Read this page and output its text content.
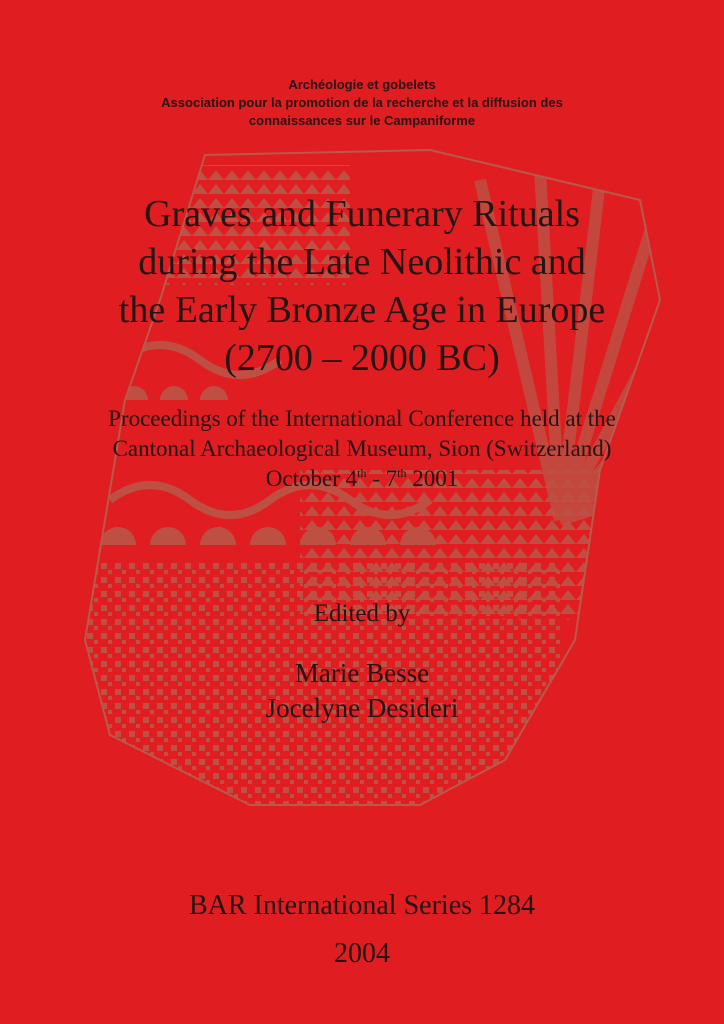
Archéologie et gobelets
Association pour la promotion de la recherche et la diffusion des
connaissances sur le Campaniforme
Graves and Funerary Rituals
during the Late Neolithic and
the Early Bronze Age in Europe
(2700 – 2000 BC)
Proceedings of the International Conference held at the
Cantonal Archaeological Museum, Sion (Switzerland)
October 4th - 7th 2001
Edited by
Marie Besse
Jocelyne Desideri
BAR International Series 1284
2004
